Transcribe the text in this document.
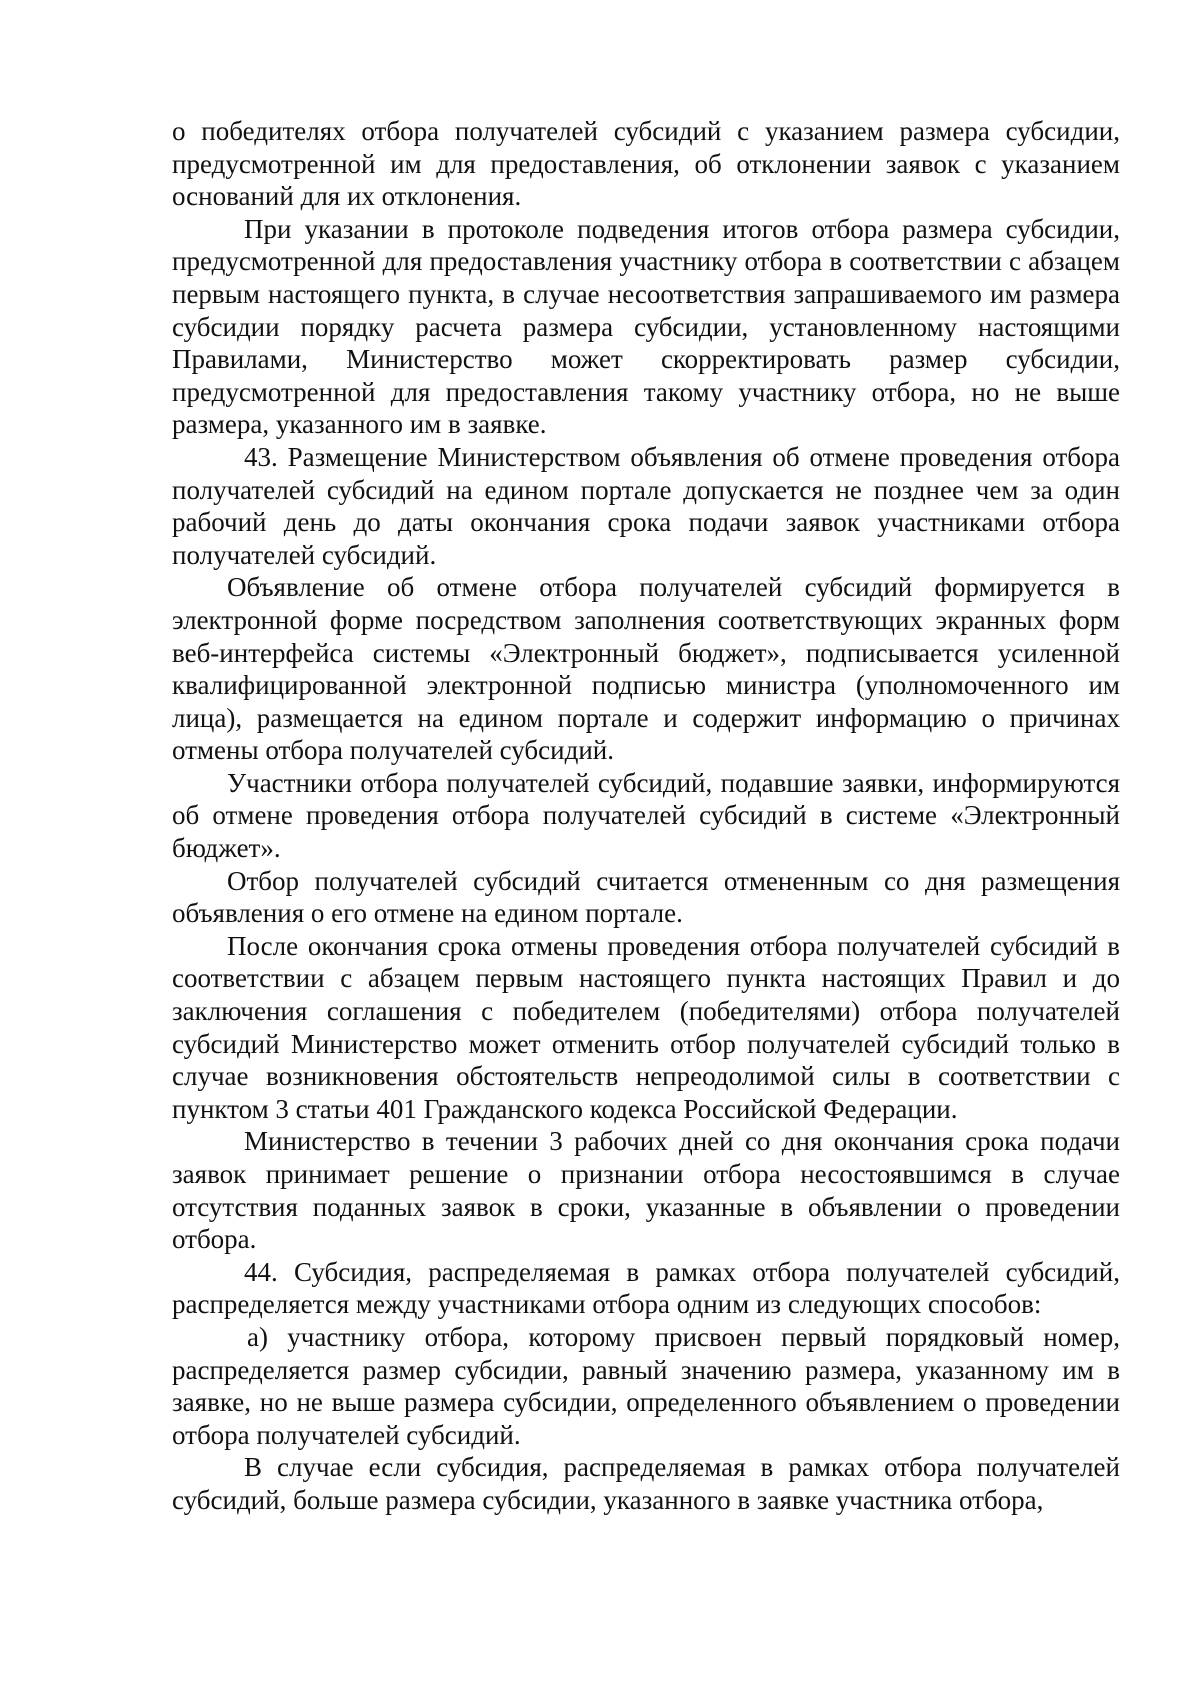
о победителях отбора получателей субсидий с указанием размера субсидии, предусмотренной им для предоставления, об отклонении заявок с указанием оснований для их отклонения.

При указании в протоколе подведения итогов отбора размера субсидии, предусмотренной для предоставления участнику отбора в соответствии с абзацем первым настоящего пункта, в случае несоответствия запрашиваемого им размера субсидии порядку расчета размера субсидии, установленному настоящими Правилами, Министерство может скорректировать размер субсидии, предусмотренной для предоставления такому участнику отбора, но не выше размера, указанного им в заявке.

43. Размещение Министерством объявления об отмене проведения отбора получателей субсидий на едином портале допускается не позднее чем за один рабочий день до даты окончания срока подачи заявок участниками отбора получателей субсидий.

Объявление об отмене отбора получателей субсидий формируется в электронной форме посредством заполнения соответствующих экранных форм веб-интерфейса системы «Электронный бюджет», подписывается усиленной квалифицированной электронной подписью министра (уполномоченного им лица), размещается на едином портале и содержит информацию о причинах отмены отбора получателей субсидий.

Участники отбора получателей субсидий, подавшие заявки, информируются об отмене проведения отбора получателей субсидий в системе «Электронный бюджет».

Отбор получателей субсидий считается отмененным со дня размещения объявления о его отмене на едином портале.

После окончания срока отмены проведения отбора получателей субсидий в соответствии с абзацем первым настоящего пункта настоящих Правил и до заключения соглашения с победителем (победителями) отбора получателей субсидий Министерство может отменить отбор получателей субсидий только в случае возникновения обстоятельств непреодолимой силы в соответствии с пунктом 3 статьи 401 Гражданского кодекса Российской Федерации.

Министерство в течении 3 рабочих дней со дня окончания срока подачи заявок принимает решение о признании отбора несостоявшимся в случае отсутствия поданных заявок в сроки, указанные в объявлении о проведении отбора.

44. Субсидия, распределяемая в рамках отбора получателей субсидий, распределяется между участниками отбора одним из следующих способов:

а) участнику отбора, которому присвоен первый порядковый номер, распределяется размер субсидии, равный значению размера, указанному им в заявке, но не выше размера субсидии, определенного объявлением о проведении отбора получателей субсидий.

В случае если субсидия, распределяемая в рамках отбора получателей субсидий, больше размера субсидии, указанного в заявке участника отбора,
